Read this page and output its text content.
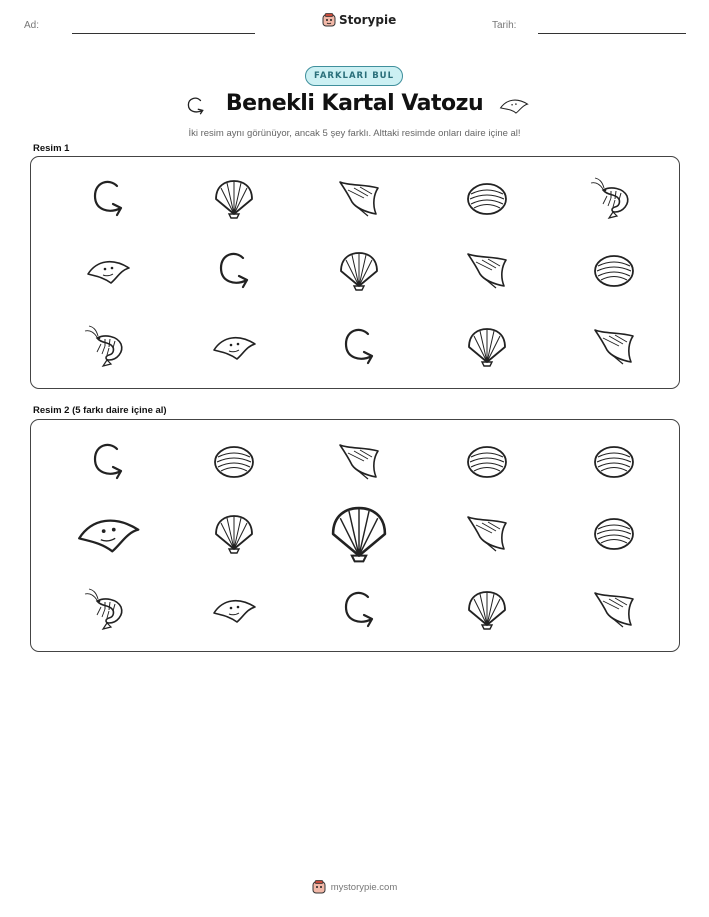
Ad:	Storypie	Tarih:
FARKLARI BUL
Benekli Kartal Vatozu
İki resim aynı görünüyor, ancak 5 şey farklı. Alttaki resimde onları daire içine al!
Resim 1
Resim 2 (5 farkı daire içine al)
mystorypie.com
